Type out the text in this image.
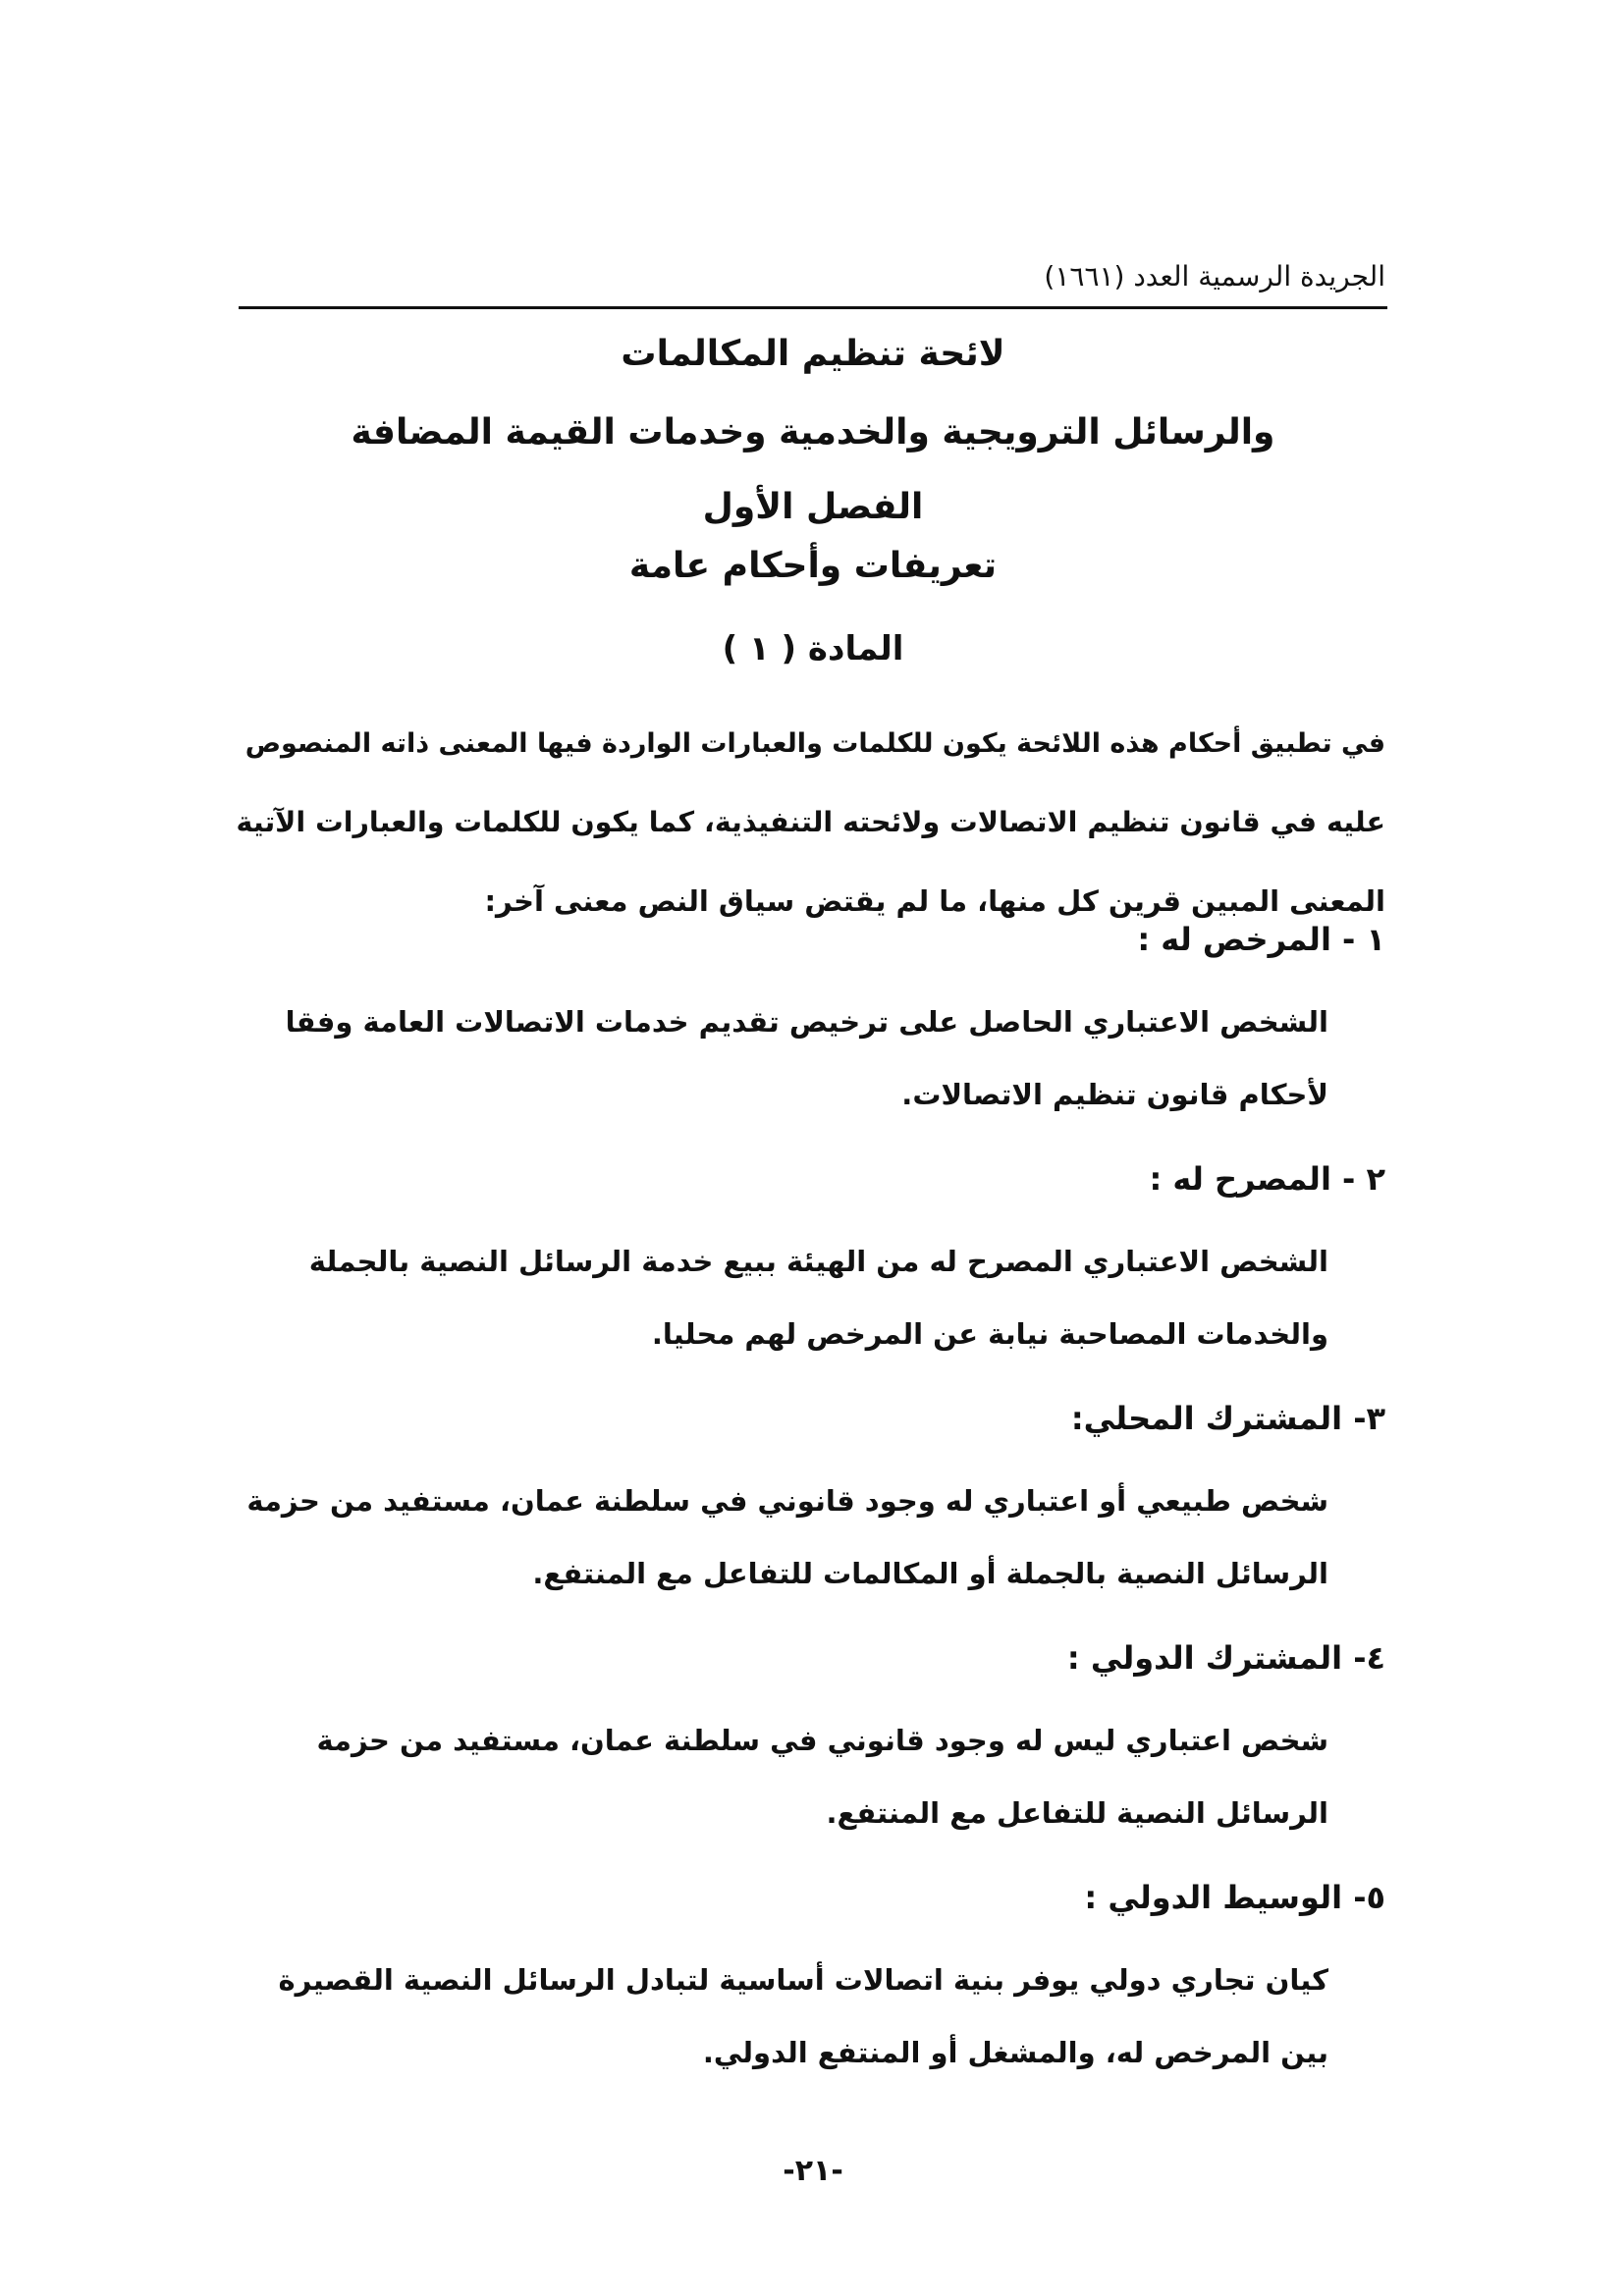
الجريدة الرسمية العدد (١٦٦١)
لائحة تنظيم المكالمات
والرسائل الترويجية والخدمية وخدمات القيمة المضافة
الفصل الأول
تعريفات وأحكام عامة
المادة ( ١ )
في تطبيق أحكام هذه اللائحة يكون للكلمات والعبارات الواردة فيها المعنى ذاته المنصوص
عليه في قانون تنظيم الاتصالات ولائحته التنفيذية، كما يكون للكلمات والعبارات الآتية
المعنى المبين قرين كل منها، ما لم يقتض سياق النص معنى آخر:
١ - المرخص له :
الشخص الاعتباري الحاصل على ترخيص تقديم خدمات الاتصالات العامة وفقا
لأحكام قانون تنظيم الاتصالات.
٢ - المصرح له :
الشخص الاعتباري المصرح له من الهيئة ببيع خدمة الرسائل النصية بالجملة
والخدمات المصاحبة نيابة عن المرخص لهم محليا.
٣- المشترك المحلي:
شخص طبيعي أو اعتباري له وجود قانوني في سلطنة عمان، مستفيد من حزمة
الرسائل النصية بالجملة أو المكالمات للتفاعل مع المنتفع.
٤- المشترك الدولي :
شخص اعتباري ليس له وجود قانوني في سلطنة عمان، مستفيد من حزمة
الرسائل النصية للتفاعل مع المنتفع.
٥- الوسيط الدولي :
كيان تجاري دولي يوفر بنية اتصالات أساسية لتبادل الرسائل النصية القصيرة
بين المرخص له، والمشغل أو المنتفع الدولي.
-٢١-
